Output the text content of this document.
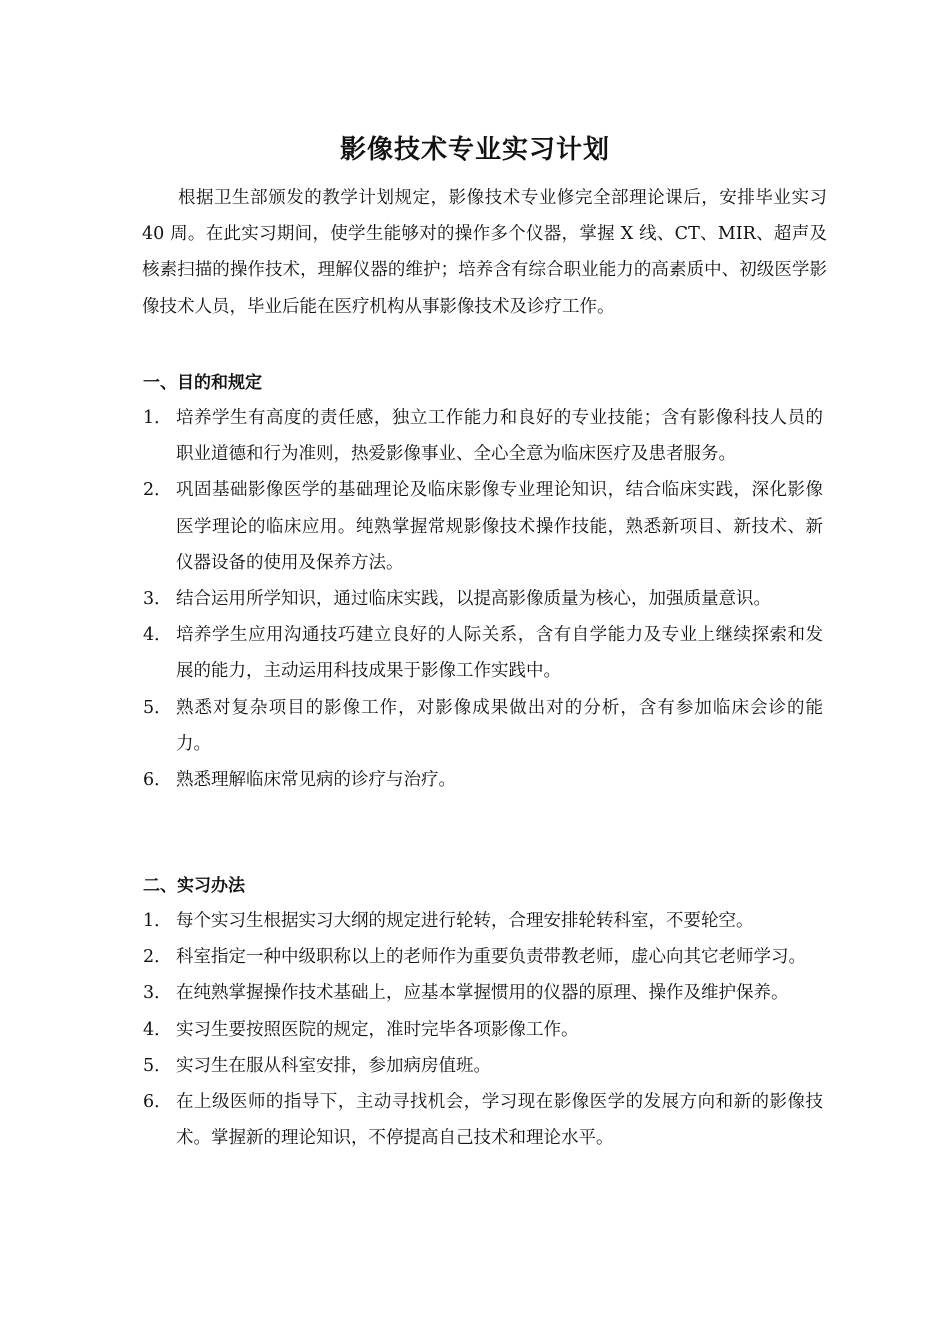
影像技术专业实习计划
根据卫生部颁发的教学计划规定，影像技术专业修完全部理论课后，安排毕业实习 40 周。在此实习期间，使学生能够对的操作多个仪器，掌握 X 线、CT、MIR、超声及核素扫描的操作技术，理解仪器的维护；培养含有综合职业能力的高素质中、初级医学影像技术人员，毕业后能在医疗机构从事影像技术及诊疗工作。
一、目的和规定
1． 培养学生有高度的责任感，独立工作能力和良好的专业技能；含有影像科技人员的职业道德和行为准则，热爱影像事业、全心全意为临床医疗及患者服务。
2． 巩固基础影像医学的基础理论及临床影像专业理论知识，结合临床实践，深化影像医学理论的临床应用。纯熟掌握常规影像技术操作技能，熟悉新项目、新技术、新仪器设备的使用及保养方法。
3． 结合运用所学知识，通过临床实践，以提高影像质量为核心，加强质量意识。
4． 培养学生应用沟通技巧建立良好的人际关系，含有自学能力及专业上继续探索和发展的能力，主动运用科技成果于影像工作实践中。
5． 熟悉对复杂项目的影像工作，对影像成果做出对的分析，含有参加临床会诊的能力。
6． 熟悉理解临床常见病的诊疗与治疗。
二、实习办法
1． 每个实习生根据实习大纲的规定进行轮转，合理安排轮转科室，不要轮空。
2． 科室指定一种中级职称以上的老师作为重要负责带教老师，虚心向其它老师学习。
3． 在纯熟掌握操作技术基础上，应基本掌握惯用的仪器的原理、操作及维护保养。
4． 实习生要按照医院的规定，准时完毕各项影像工作。
5． 实习生在服从科室安排，参加病房值班。
6． 在上级医师的指导下，主动寻找机会，学习现在影像医学的发展方向和新的影像技术。掌握新的理论知识，不停提高自己技术和理论水平。
